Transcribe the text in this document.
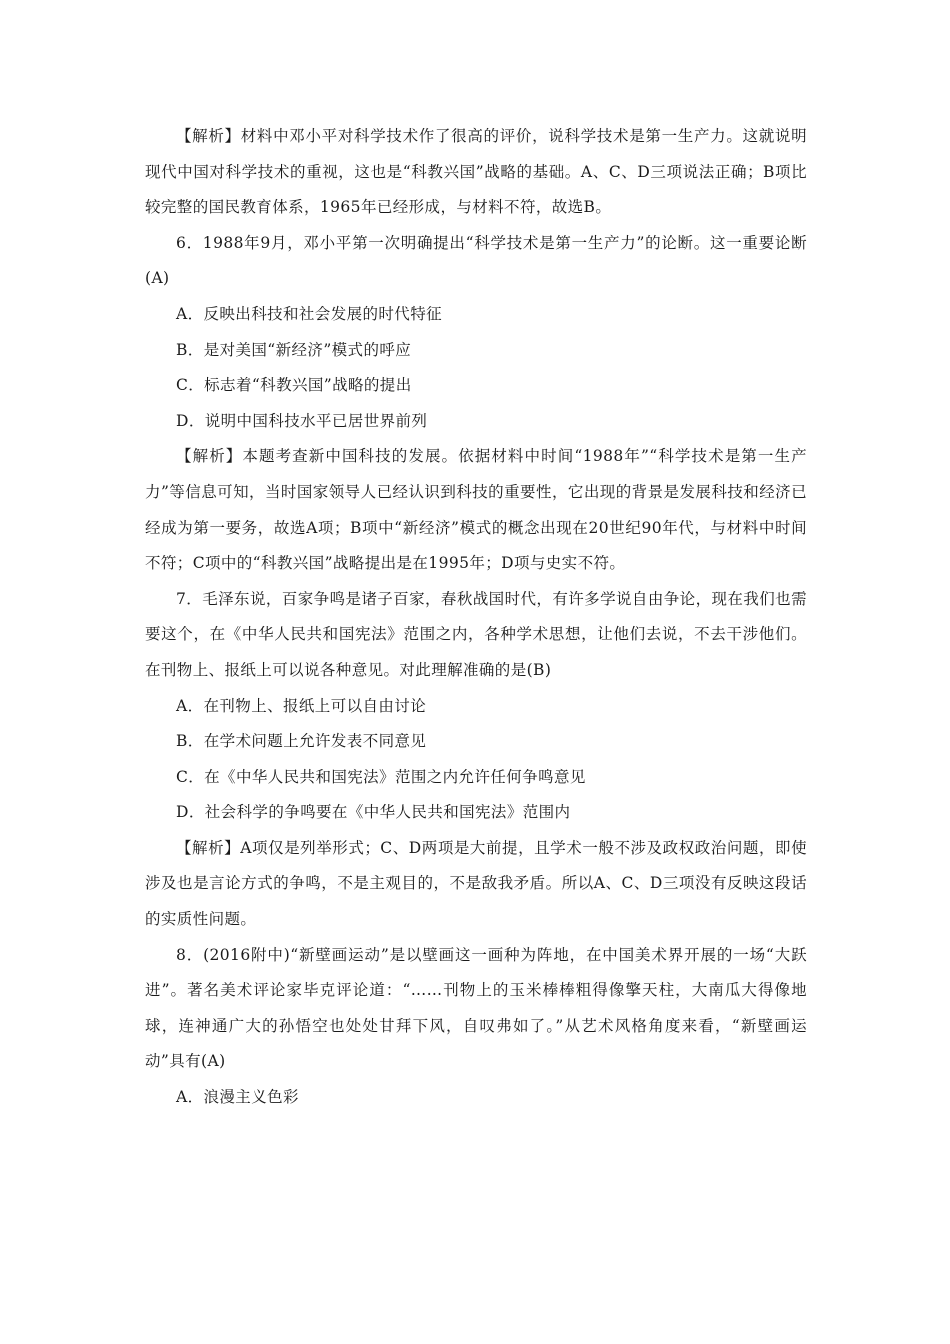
【解析】材料中邓小平对科学技术作了很高的评价，说科学技术是第一生产力。这就说明现代中国对科学技术的重视，这也是“科教兴国”战略的基础。A、C、D三项说法正确；B项比较完整的国民教育体系，1965年已经形成，与材料不符，故选B。

6．1988年9月，邓小平第一次明确提出“科学技术是第一生产力”的论断。这一重要论断(A)

A．反映出科技和社会发展的时代特征

B．是对美国“新经济”模式的呼应

C．标志着“科教兴国”战略的提出

D．说明中国科技水平已居世界前列

【解析】本题考查新中国科技的发展。依据材料中时间“1988年”“科学技术是第一生产力”等信息可知，当时国家领导人已经认识到科技的重要性，它出现的背景是发展科技和经济已经成为第一要务，故选A项；B项中“新经济”模式的概念出现在20世纪90年代，与材料中时间不符；C项中的“科教兴国”战略提出是在1995年；D项与史实不符。

7．毛泽东说，百家争鸣是诸子百家，春秋战国时代，有许多学说自由争论，现在我们也需要这个，在《中华人民共和国宪法》范围之内，各种学术思想，让他们去说，不去干涉他们。在刊物上、报纸上可以说各种意见。对此理解准确的是(B)

A．在刊物上、报纸上可以自由讨论

B．在学术问题上允许发表不同意见

C．在《中华人民共和国宪法》范围之内允许任何争鸣意见

D．社会科学的争鸣要在《中华人民共和国宪法》范围内

【解析】A项仅是列举形式；C、D两项是大前提，且学术一般不涉及政权政治问题，即使涉及也是言论方式的争鸣，不是主观目的，不是敌我矛盾。所以A、C、D三项没有反映这段话的实质性问题。

8．(2016附中)“新壁画运动”是以壁画这一画种为阵地，在中国美术界开展的一场“大跃进”。著名美术评论家毕克评论道：“……刊物上的玉米棒棒粗得像擎天柱，大南瓜大得像地球，连神通广大的孙悟空也处处甘拜下风，自叹弗如了。”从艺术风格角度来看，“新壁画运动”具有(A)

A．浪漫主义色彩
